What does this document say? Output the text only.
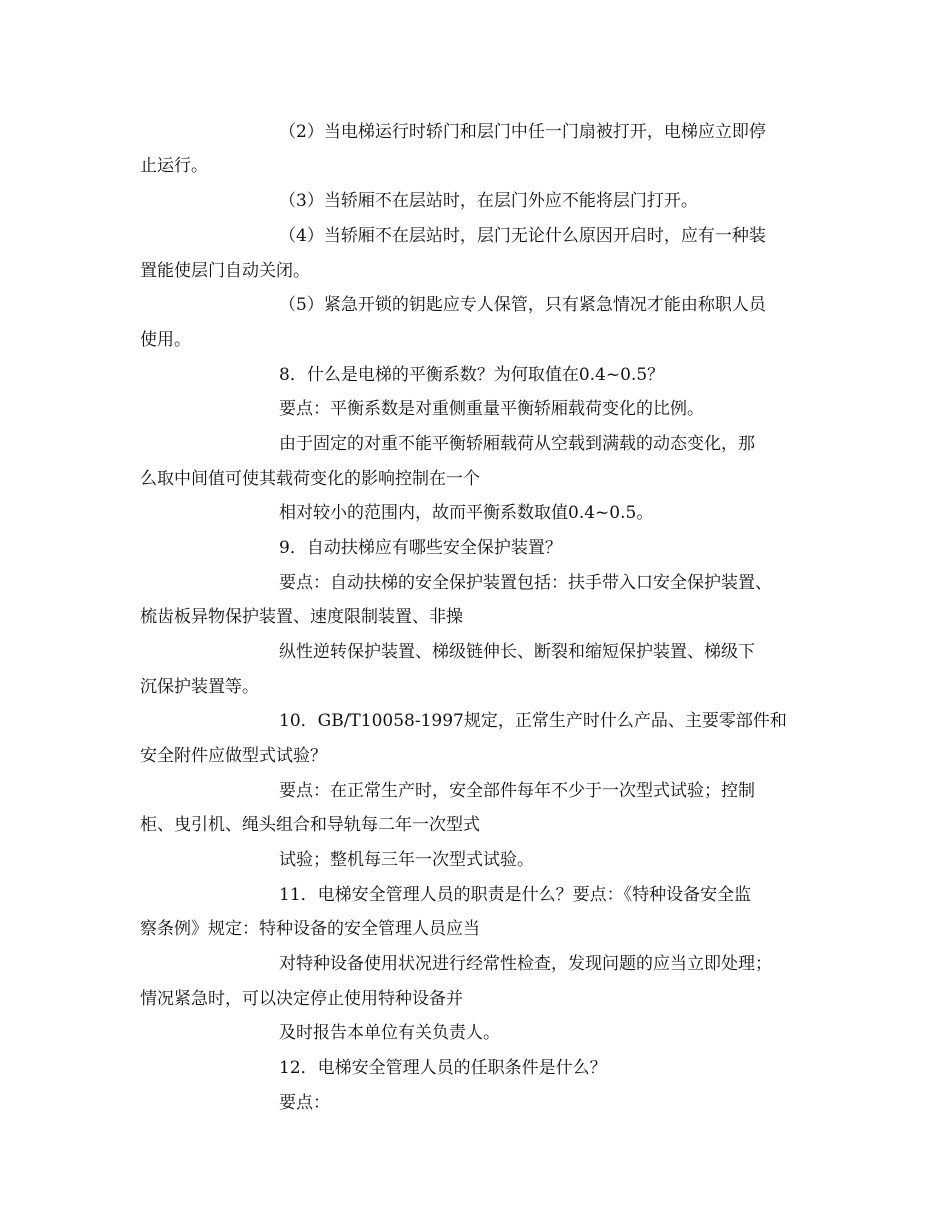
（2）当电梯运行时轿门和层门中任一门扇被打开，电梯应立即停
止运行。
（3）当轿厢不在层站时，在层门外应不能将层门打开。
（4）当轿厢不在层站时，层门无论什么原因开启时，应有一种装
置能使层门自动关闭。
（5）紧急开锁的钥匙应专人保管，只有紧急情况才能由称职人员
使用。
8．什么是电梯的平衡系数？为何取值在0.4~0.5？
要点：平衡系数是对重侧重量平衡轿厢载荷变化的比例。
由于固定的对重不能平衡轿厢载荷从空载到满载的动态变化，那
么取中间值可使其载荷变化的影响控制在一个
相对较小的范围内，故而平衡系数取值0.4~0.5。
9．自动扶梯应有哪些安全保护装置？
要点：自动扶梯的安全保护装置包括：扶手带入口安全保护装置、
梳齿板异物保护装置、速度限制装置、非操
纵性逆转保护装置、梯级链伸长、断裂和缩短保护装置、梯级下
沉保护装置等。
10．GB/T10058-1997规定，正常生产时什么产品、主要零部件和
安全附件应做型式试验？
要点：在正常生产时，安全部件每年不少于一次型式试验；控制
柜、曳引机、绳头组合和导轨每二年一次型式
试验；整机每三年一次型式试验。
11．电梯安全管理人员的职责是什么？要点：《特种设备安全监
察条例》规定：特种设备的安全管理人员应当
对特种设备使用状况进行经常性检查，发现问题的应当立即处理；
情况紧急时，可以决定停止使用特种设备并
及时报告本单位有关负责人。
12．电梯安全管理人员的任职条件是什么？
要点：
